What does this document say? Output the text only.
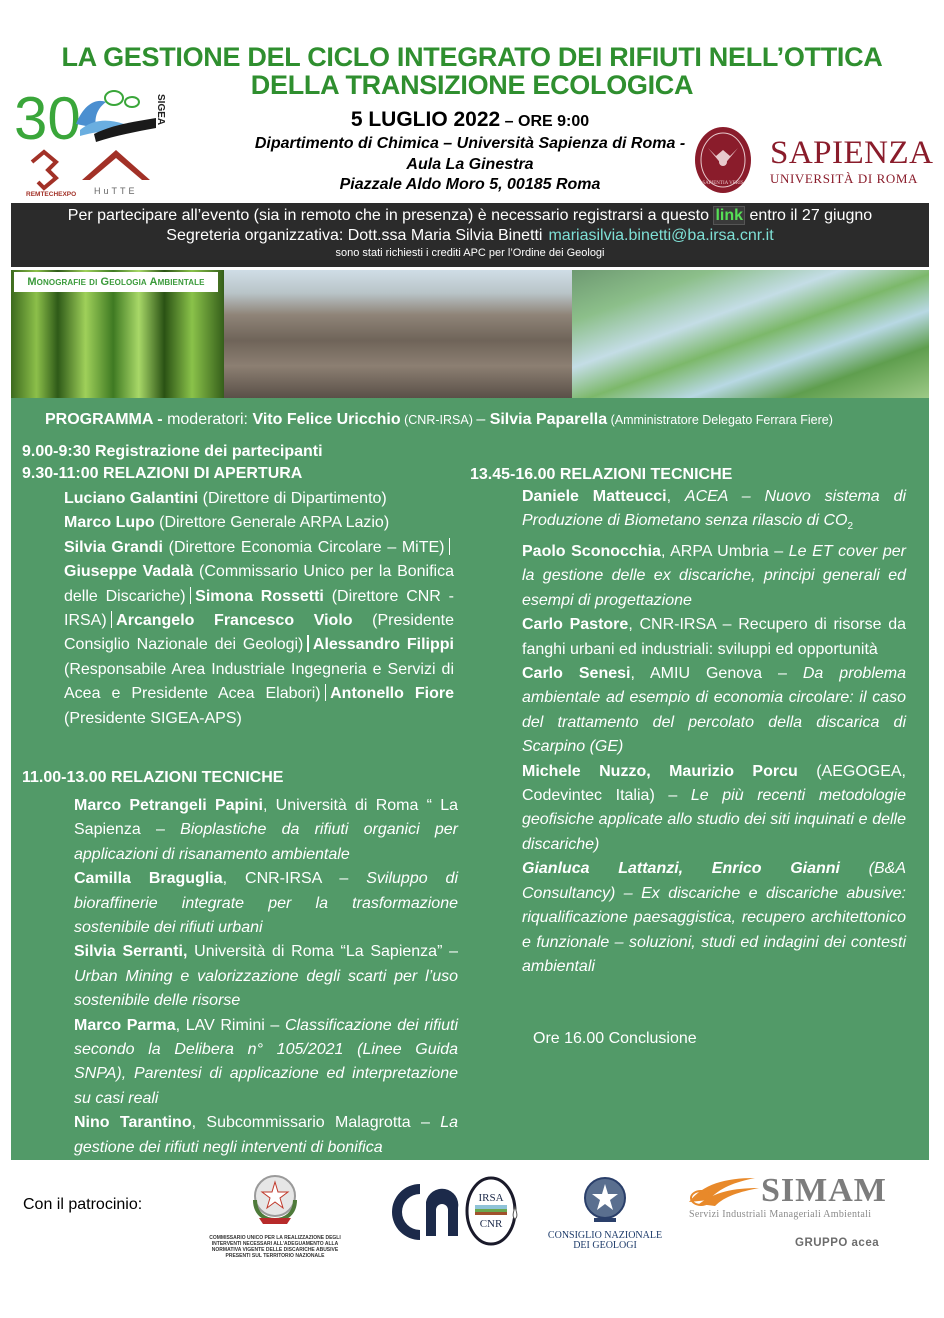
LA GESTIONE DEL CICLO INTEGRATO DEI RIFIUTI NELL’OTTICA
DELLA TRANSIZIONE ECOLOGICA
5 LUGLIO 2022 – ORE 9:00
Dipartimento di Chimica – Università Sapienza di Roma -
Aula La Ginestra
Piazzale Aldo Moro 5, 00185 Roma
30	SIGEA
REMTECHEXPO HuTTE
SAPIENTIA VERIS
SAPIENZA
UNIVERSITÀ DI ROMA
Per partecipare all’evento (sia in remoto che in presenza) è necessario registrarsi a questo link entro il 27 giugno
Segreteria organizzativa: Dott.ssa Maria Silvia Binetti mariasilvia.binetti@ba.irsa.cnr.it
sono stati richiesti i crediti APC per l’Ordine dei Geologi
Monografie di Geologia Ambientale
PROGRAMMA - moderatori: Vito Felice Uricchio (CNR-IRSA) – Silvia Paparella (Amministratore Delegato Ferrara Fiere)
9.00-9:30 Registrazione dei partecipanti
9.30-11:00 RELAZIONI DI APERTURA	13.45-16.00 RELAZIONI TECNICHE

Luciano Galantini (Direttore di Dipartimento)

Marco Lupo (Direttore Generale ARPA Lazio)

Silvia Grandi (Direttore Economia Circolare – MiTE)Giuseppe Vadalà (Commissario Unico per la Bonifica delle Discariche) Simona Rossetti (Direttore CNR - IRSA) Arcangelo Francesco Violo (Presidente Consiglio Nazionale dei Geologi) Alessandro Filippi (Responsabile Area Industriale Ingegneria e Servizi di Acea e Presidente Acea Elabori) Antonello Fiore (Presidente SIGEA-APS)

11.00-13.00 RELAZIONI TECNICHE

Marco Petrangeli Papini, Università di Roma “ La Sapienza – Bioplastiche da rifiuti organici per applicazioni di risanamento ambientale

Camilla Braguglia, CNR-IRSA – Sviluppo di bioraffinerie integrate per la trasformazione sostenibile dei rifiuti urbani

Silvia Serranti, Università di Roma “La Sapienza” – Urban Mining e valorizzazione degli scarti per l’uso sostenibile delle risorse

Marco Parma, LAV Rimini – Classificazione dei rifiuti secondo la Delibera n° 105/2021 (Linee Guida SNPA), Parentesi di applicazione ed interpretazione su casi reali

Nino Tarantino, Subcommissario Malagrotta – La gestione dei rifiuti negli interventi di bonifica

Daniele Matteucci, ACEA – Nuovo sistema di Produzione di Biometano senza rilascio di $CO_2$

Paolo Sconocchia, ARPA Umbria – Le ET cover per la gestione delle ex discariche, principi generali ed esempi di progettazione

Carlo Pastore, CNR-IRSA – Recupero di risorse da fanghi urbani ed industriali: sviluppi ed opportunità

Carlo Senesi, AMIU Genova – Da problema ambientale ad esempio di economia circolare: il caso del trattamento del percolato della discarica di Scarpino (GE)

Michele Nuzzo, Maurizio Porcu (AEGOGEA, Codevintec Italia) – Le più recenti metodologie geofisiche applicate allo studio dei siti inquinati e delle discariche)

Gianluca Lattanzi, Enrico Gianni (B&A Consultancy) – Ex discariche e discariche abusive: riqualificazione paesaggistica, recupero architettonico e funzionale – soluzioni, studi ed indagini dei contesti ambientali

Ore 16.00 Conclusione
Con il patrocinio:
COMMISSARIO UNICO PER LA REALIZZAZIONE DEGLI INTERVENTI NECESSARI ALL’ADEGUAMENTO ALLA NORMATIVA VIGENTE DELLE DISCARICHE ABUSIVE PRESENTI SUL TERRITORIO NAZIONALE
IRSA
CNR
CONSIGLIO NAZIONALE
DEI GEOLOGI
SIMAM
Servizi Industriali Manageriali Ambientali
GRUPPO acea
